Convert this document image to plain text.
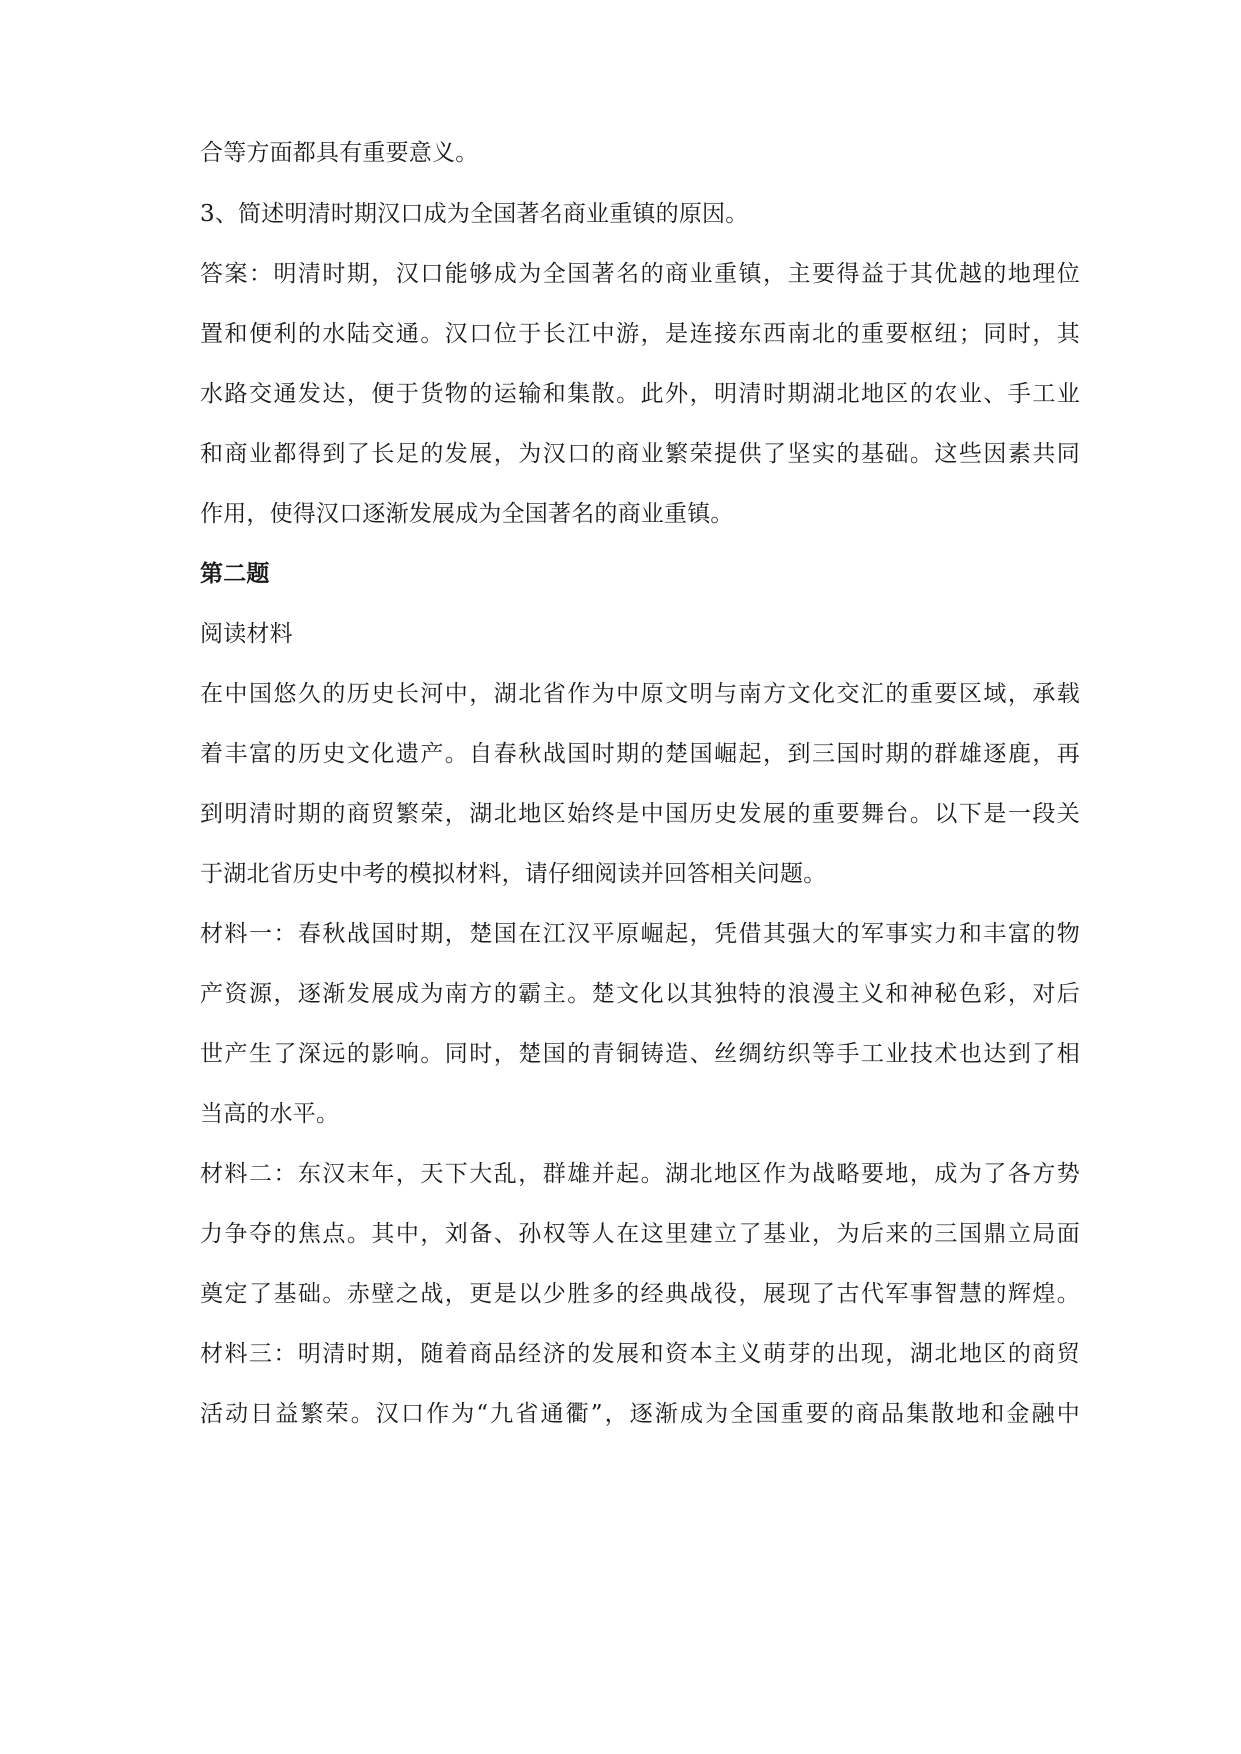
合等方面都具有重要意义。
3、简述明清时期汉口成为全国著名商业重镇的原因。
答案：明清时期，汉口能够成为全国著名的商业重镇，主要得益于其优越的地理位
置和便利的水陆交通。汉口位于长江中游，是连接东西南北的重要枢纽；同时，其
水路交通发达，便于货物的运输和集散。此外，明清时期湖北地区的农业、手工业
和商业都得到了长足的发展，为汉口的商业繁荣提供了坚实的基础。这些因素共同
作用，使得汉口逐渐发展成为全国著名的商业重镇。
第二题
阅读材料
在中国悠久的历史长河中，湖北省作为中原文明与南方文化交汇的重要区域，承载
着丰富的历史文化遗产。自春秋战国时期的楚国崛起，到三国时期的群雄逐鹿，再
到明清时期的商贸繁荣，湖北地区始终是中国历史发展的重要舞台。以下是一段关
于湖北省历史中考的模拟材料，请仔细阅读并回答相关问题。
材料一：春秋战国时期，楚国在江汉平原崛起，凭借其强大的军事实力和丰富的物
产资源，逐渐发展成为南方的霸主。楚文化以其独特的浪漫主义和神秘色彩，对后
世产生了深远的影响。同时，楚国的青铜铸造、丝绸纺织等手工业技术也达到了相
当高的水平。
材料二：东汉末年，天下大乱，群雄并起。湖北地区作为战略要地，成为了各方势
力争夺的焦点。其中，刘备、孙权等人在这里建立了基业，为后来的三国鼎立局面
奠定了基础。赤壁之战，更是以少胜多的经典战役，展现了古代军事智慧的辉煌。
材料三：明清时期，随着商品经济的发展和资本主义萌芽的出现，湖北地区的商贸
活动日益繁荣。汉口作为“九省通衢”，逐渐成为全国重要的商品集散地和金融中
